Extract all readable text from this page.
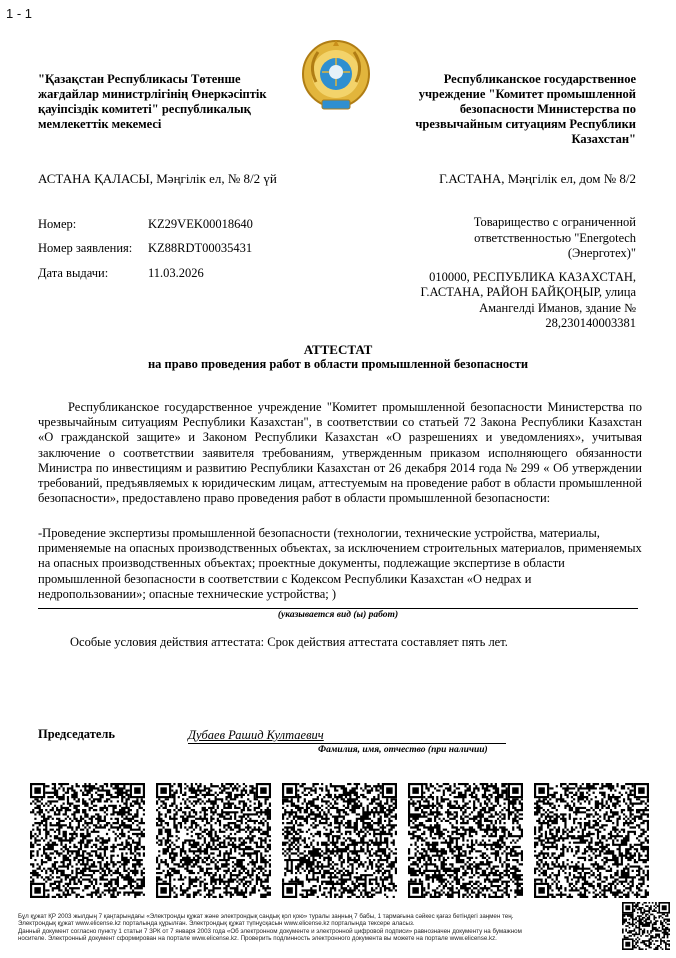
1 - 1
"Қазақстан Республикасы Төтенше жағдайлар министрлігінің Өнеркәсіптік қауіпсіздік комитеті" республикалық мемлекеттік мекемесі
Республиканское государственное учреждение "Комитет промышленной безопасности Министерства по чрезвычайным ситуациям Республики Казахстан"
АСТАНА ҚАЛАСЫ, Мәңгілік ел, № 8/2 үй	Г.АСТАНА, Мәңгілік ел, дом № 8/2
Номер:	KZ29VEK00018640
Номер заявления: KZ88RDT00035431
Дата выдачи:	11.03.2026

Товарищество с ограниченной ответственностью "Energotech (Энерготех)"

010000, РЕСПУБЛИКА КАЗАХСТАН, Г.АСТАНА, РАЙОН БАЙҚОҢЫР, улица Амангелді Иманов, здание № 28,230140003381

АТТЕСТАТ
на право проведения работ в области промышленной безопасности
Республиканское государственное учреждение "Комитет промышленной безопасности Министерства по чрезвычайным ситуациям Республики Казахстан", в соответствии со статьей 72 Закона Республики Казахстан «О гражданской защите» и Законом Республики Казахстан «О разрешениях и уведомлениях», учитывая заключение о соответствии заявителя требованиям, утвержденным приказом исполняющего обязанности Министра по инвестициям и развитию Республики Казахстан от 26 декабря 2014 года № 299 « Об утверждении требований, предъявляемых к юридическим лицам, аттестуемым на проведение работ в области промышленной безопасности», предоставлено право проведения работ в области промышленной безопасности:
-Проведение экспертизы промышленной безопасности (технологии, технические устройства, материалы, применяемые на опасных производственных объектах, за исключением строительных материалов, применяемых на опасных производственных объектах; проектные документы, подлежащие экспертизе в области промышленной безопасности в соответствии с Кодексом Республики Казахстан «О недрах и недропользовании»; опасные технические устройства; )
(указывается вид (ы) работ)
Особые условия действия аттестата: Срок действия аттестата составляет пять лет.
Председатель	Дубаев Рашид Култаевич
Фамилия, имя, отчество (при наличии)

Бұл құжат ҚР 2003 жылдың 7 қаңтарындағы «Электронды құжат және электрондық сандық қол қою» туралы заңның 7 бабы, 1 тармағына сәйкес қағаз бетіндегі заңмен тең.

Электрондық құжат www.elicense.kz порталында құрылған. Электрондық құжат түпнұсқасын www.elicense.kz порталында тексере аласыз.

Данный документ согласно пункту 1 статьи 7 ЗРК от 7 января 2003 года «Об электронном документе и электронной цифровой подписи» равнозначен документу на бумажном

носителе. Электронный документ сформирован на портале www.elicense.kz. Проверить подлинность электронного документа вы можете на портале www.elicense.kz.
